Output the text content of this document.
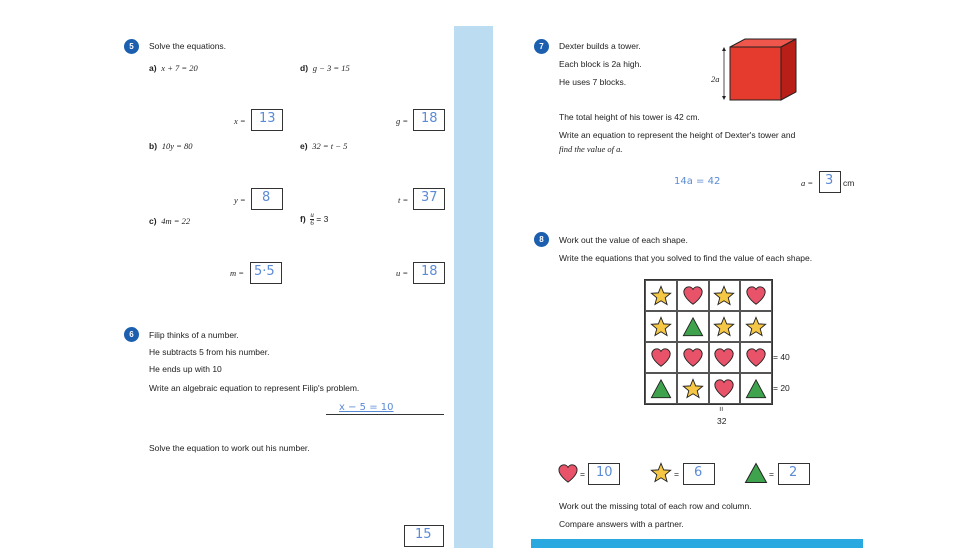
5	Solve the equations.
a) x + 7 = 20
x = 13
d) g − 3 = 15
g = 18
b) 10y = 80
y = 8
e) 32 = t − 5
t = 37
c) 4m = 22
m = 5·5
$f) \frac{u}{6} = 3$
u = 18
6	Filip thinks of a number.
He subtracts 5 from his number.
He ends up with 10
Write an algebraic equation to represent Filip's problem.
x − 5 = 10
Solve the equation to work out his number.
15
7	Dexter builds a tower.
Each block is 2a high.
He uses 7 blocks.	2a
The total height of his tower is 42 cm.
Write an equation to represent the height of Dexter's tower and
find the value of a.
14a = 42	a = 3 cm
8	Work out the value of each shape.
Write the equations that you solved to find the value of each shape.
= 40
= 20
=
32
= 10	= 6	= 2
Work out the missing total of each row and column.
Compare answers with a partner.
